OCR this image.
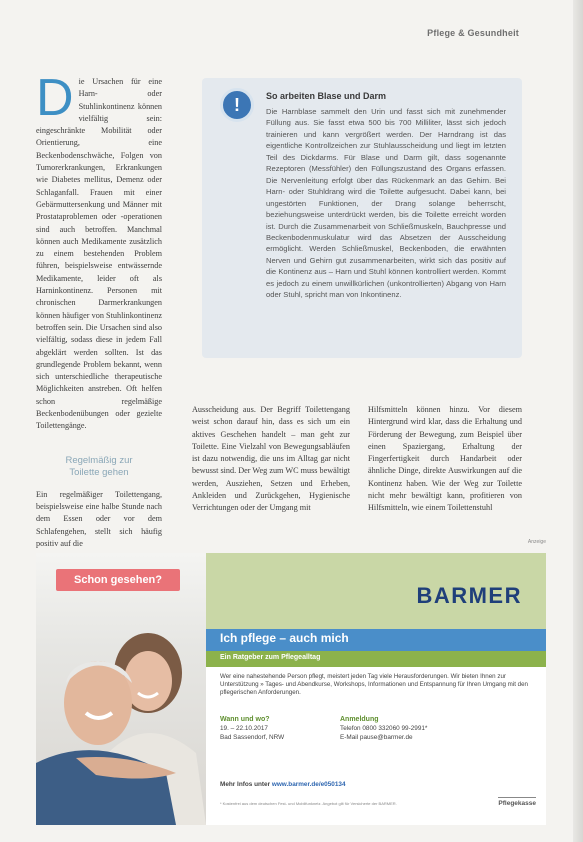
Pflege & Gesundheit
D ie Ursachen für eine Harn- oder Stuhlinkontinenz können vielfältig sein: eingeschränkte Mobilität oder Orientierung, eine Beckenbodenschwäche, Folgen von Tumorerkrankungen, Erkrankungen wie Diabetes mellitus, Demenz oder Schlaganfall. Frauen mit einer Gebärmuttersenkung und Männer mit Prostataproblemen oder -operationen sind auch betroffen. Manchmal können auch Medikamente zusätzlich zu einem bestehenden Problem führen, beispielsweise entwässernde Medikamente, leider oft als Harninkontinenz. Personen mit chronischen Darmerkrankungen können häufiger von Stuhlinkontinenz betroffen sein. Die Ursachen sind also vielfältig, sodass diese in jedem Fall abgeklärt werden sollten. Ist das grundlegende Problem bekannt, wenn sich unterschiedliche therapeutische Möglichkeiten anstreben. Oft helfen schon regelmäßige Beckenbodenübungen oder gezielte Toilettengänge.

Regelmäßig zur
Toilette gehen

Ein regelmäßiger Toilettengang, beispielsweise eine halbe Stunde nach dem Essen oder vor dem Schlafengehen, stellt sich häufig positiv auf die

!	So arbeiten Blase und Darm
Die Harnblase sammelt den Urin und fasst sich mit zunehmender Füllung aus. Sie fasst etwa 500 bis 700 Milliliter, lässt sich jedoch trainieren und kann vergrößert werden. Der Harndrang ist das eigentliche Kontrollzeichen zur Stuhlausscheidung und liegt im letzten Teil des Dickdarms. Für Blase und Darm gilt, dass sogenannte Rezeptoren (Messfühler) den Füllungszustand des Organs erfassen. Die Nervenleitung erfolgt über das Rückenmark an das Gehirn. Bei Harn- oder Stuhldrang wird die Toilette aufgesucht. Dabei kann, bei ungestörten Funktionen, der Drang solange beherrscht, beziehungsweise unterdrückt werden, bis die Toilette erreicht worden ist. Durch die Zusammenarbeit von Schließmuskeln, Bauchpresse und Beckenbodenmuskulatur wird das Absetzen der Ausscheidung ermöglicht. Werden Schließmuskel, Beckenboden, die erwähnten Nerven und Gehirn gut zusammenarbeiten, wirkt sich das positiv auf die Kontinenz aus – Harn und Stuhl können kontrolliert werden. Kommt es jedoch zu einem unwillkürlichen (unkontrollierten) Abgang von Harn oder Stuhl, spricht man von Inkontinenz.

Ausscheidung aus. Der Begriff Toilettengang weist schon darauf hin, dass es sich um ein aktives Geschehen handelt – man geht zur Toilette. Eine Vielzahl von Bewegungsabläufen ist dazu notwendig, die uns im Alltag gar nicht bewusst sind. Der Weg zum WC muss bewältigt werden, Ausziehen, Setzen und Erheben, Ankleiden und Zurückgehen, Hygienische Verrichtungen oder der Umgang mit

Hilfsmitteln können hinzu. Vor diesem Hintergrund wird klar, dass die Erhaltung und Förderung der Bewegung, zum Beispiel über einen Spaziergang, Erhaltung der Fingerfertigkeit durch Handarbeit oder ähnliche Dinge, direkte Auswirkungen auf die Kontinenz haben. Wie der Weg zur Toilette nicht mehr bewältigt kann, profitieren von Hilfsmitteln, wie einem Toilettenstuhl

Anzeige
Schon gesehen?
BARMER
Ich pflege – auch mich
Ein Ratgeber zum Pflegealltag
Wer eine nahestehende Person pflegt, meistert jeden Tag viele Herausforderungen. Wir bieten Ihnen zur Unterstützung » Tages- und Abendkurse, Workshops, Informationen und Entspannung für Ihren Umgang mit den pflegerischen Anforderungen.
Wann und wo?
19. – 22.10.2017
Bad Sassendorf, NRW
Anmeldung
Telefon 0800 332060 99-2991*
E-Mail pause@barmer.de
Mehr Infos unter www.barmer.de/e050134
* Kostenfrei aus dem deutschen Fest- und Mobilfunknetz. Angebot gilt für Versicherte der BARMER.	Pflegekasse
